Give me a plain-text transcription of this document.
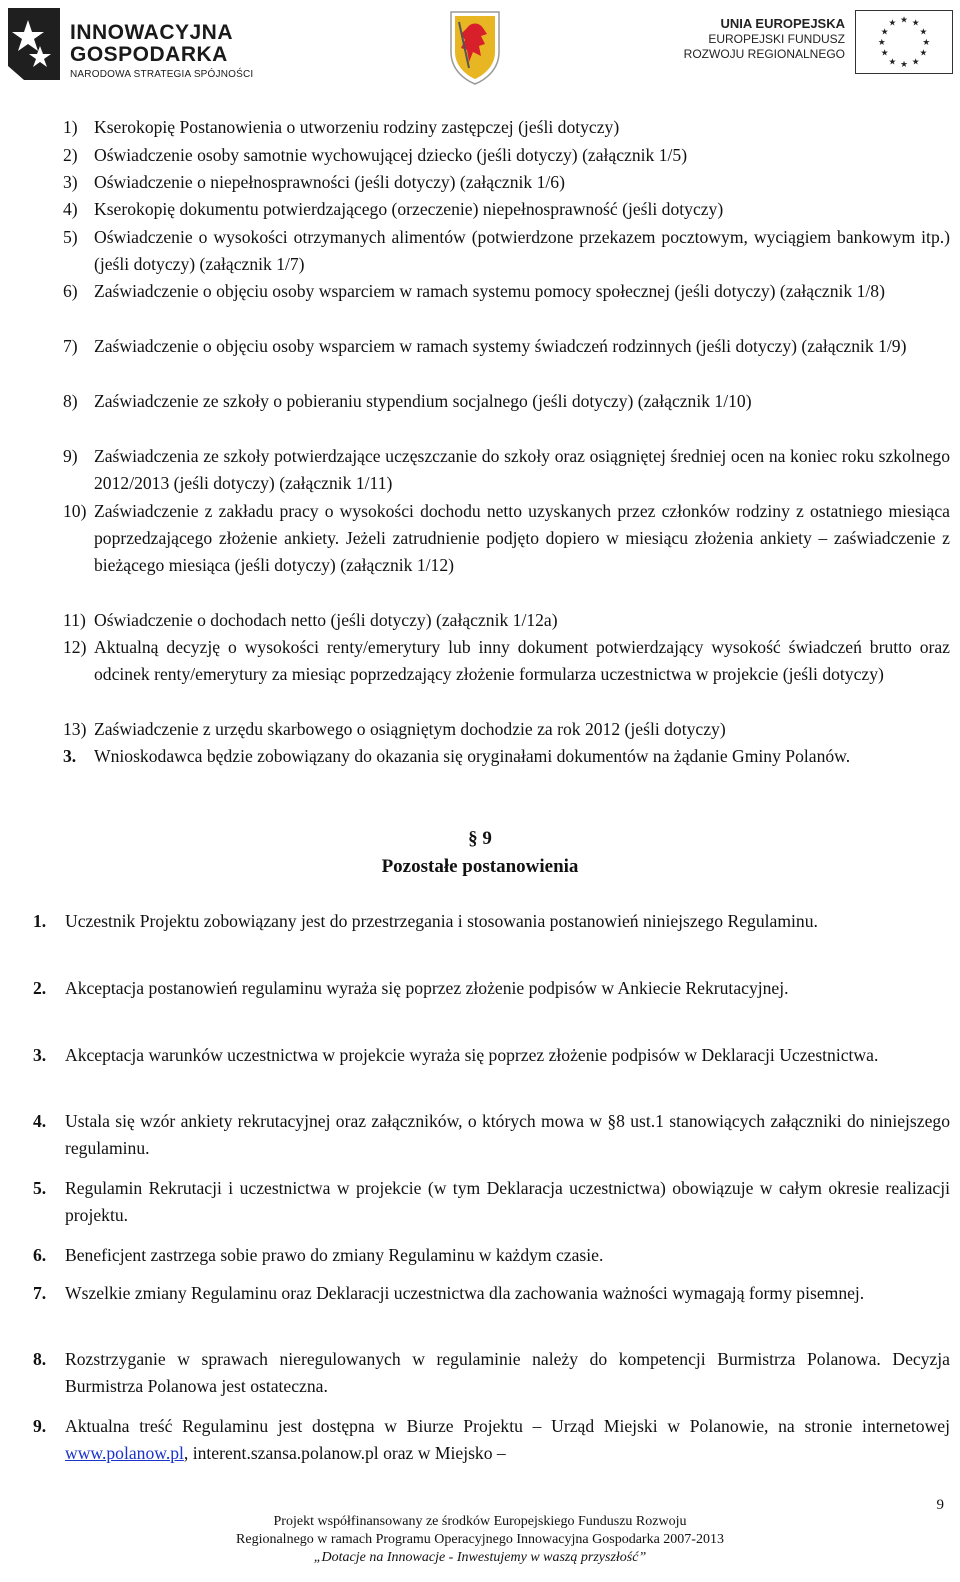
INNOWACYJNA
GOSPODARKA
NARODOWA STRATEGIA SPÓJNOŚCI
UNIA EUROPEJSKA
EUROPEJSKI FUNDUSZ
ROZWOJU REGIONALNEGO
★ ★
★
★
★
★
★
★
★
★
★
★
1) Kserokopię Postanowienia o utworzeniu rodziny zastępczej (jeśli dotyczy)
2) Oświadczenie osoby samotnie wychowującej dziecko (jeśli dotyczy) (załącznik 1/5)
3) Oświadczenie o niepełnosprawności (jeśli dotyczy) (załącznik 1/6)
4) Kserokopię dokumentu potwierdzającego (orzeczenie) niepełnosprawność (jeśli dotyczy)
5) Oświadczenie o wysokości otrzymanych alimentów (potwierdzone przekazem pocztowym, wyciągiem bankowym itp.) (jeśli dotyczy) (załącznik 1/7)
6) Zaświadczenie o objęciu osoby wsparciem w ramach systemu pomocy społecznej (jeśli dotyczy) (załącznik 1/8)
7) Zaświadczenie o objęciu osoby wsparciem w ramach systemy świadczeń rodzinnych (jeśli dotyczy) (załącznik 1/9)
8) Zaświadczenie ze szkoły o pobieraniu stypendium socjalnego (jeśli dotyczy) (załącznik 1/10)
9) Zaświadczenia ze szkoły potwierdzające uczęszczanie do szkoły oraz osiągniętej średniej ocen na koniec roku szkolnego 2012/2013 (jeśli dotyczy) (załącznik 1/11)
10) Zaświadczenie z zakładu pracy o wysokości dochodu netto uzyskanych przez członków rodziny z ostatniego miesiąca poprzedzającego złożenie ankiety. Jeżeli zatrudnienie podjęto dopiero w miesiącu złożenia ankiety – zaświadczenie z bieżącego miesiąca (jeśli dotyczy) (załącznik 1/12)
11) Oświadczenie o dochodach netto (jeśli dotyczy) (załącznik 1/12a)
12) Aktualną decyzję o wysokości renty/emerytury lub inny dokument potwierdzający wysokość świadczeń brutto oraz odcinek renty/emerytury za miesiąc poprzedzający złożenie formularza uczestnictwa w projekcie (jeśli dotyczy)
13) Zaświadczenie z urzędu skarbowego o osiągniętym dochodzie za rok 2012 (jeśli dotyczy)
3. Wnioskodawca będzie zobowiązany do okazania się oryginałami dokumentów na żądanie Gminy Polanów.
§ 9
Pozostałe postanowienia
1. Uczestnik Projektu zobowiązany jest do przestrzegania i stosowania postanowień niniejszego Regulaminu.
2. Akceptacja postanowień regulaminu wyraża się poprzez złożenie podpisów w Ankiecie Rekrutacyjnej.
3. Akceptacja warunków uczestnictwa w projekcie wyraża się poprzez złożenie podpisów w Deklaracji Uczestnictwa.
4. Ustala się wzór ankiety rekrutacyjnej oraz załączników, o których mowa w §8 ust.1 stanowiących załączniki do niniejszego regulaminu.
5. Regulamin Rekrutacji i uczestnictwa w projekcie (w tym Deklaracja uczestnictwa) obowiązuje w całym okresie realizacji projektu.
6. Beneficjent zastrzega sobie prawo do zmiany Regulaminu w każdym czasie.
7. Wszelkie zmiany Regulaminu oraz Deklaracji uczestnictwa dla zachowania ważności wymagają formy pisemnej.
8. Rozstrzyganie w sprawach nieregulowanych w regulaminie należy do kompetencji Burmistrza Polanowa. Decyzja Burmistrza Polanowa jest ostateczna.
9. Aktualna treść Regulaminu jest dostępna w Biurze Projektu – Urząd Miejski w Polanowie, na stronie internetowej www.polanow.pl, interent.szansa.polanow.pl oraz w Miejsko –
9
Projekt współfinansowany ze środków Europejskiego Funduszu Rozwoju
Regionalnego w ramach Programu Operacyjnego Innowacyjna Gospodarka 2007-2013
„Dotacje na Innowacje - Inwestujemy w waszą przyszłość”
